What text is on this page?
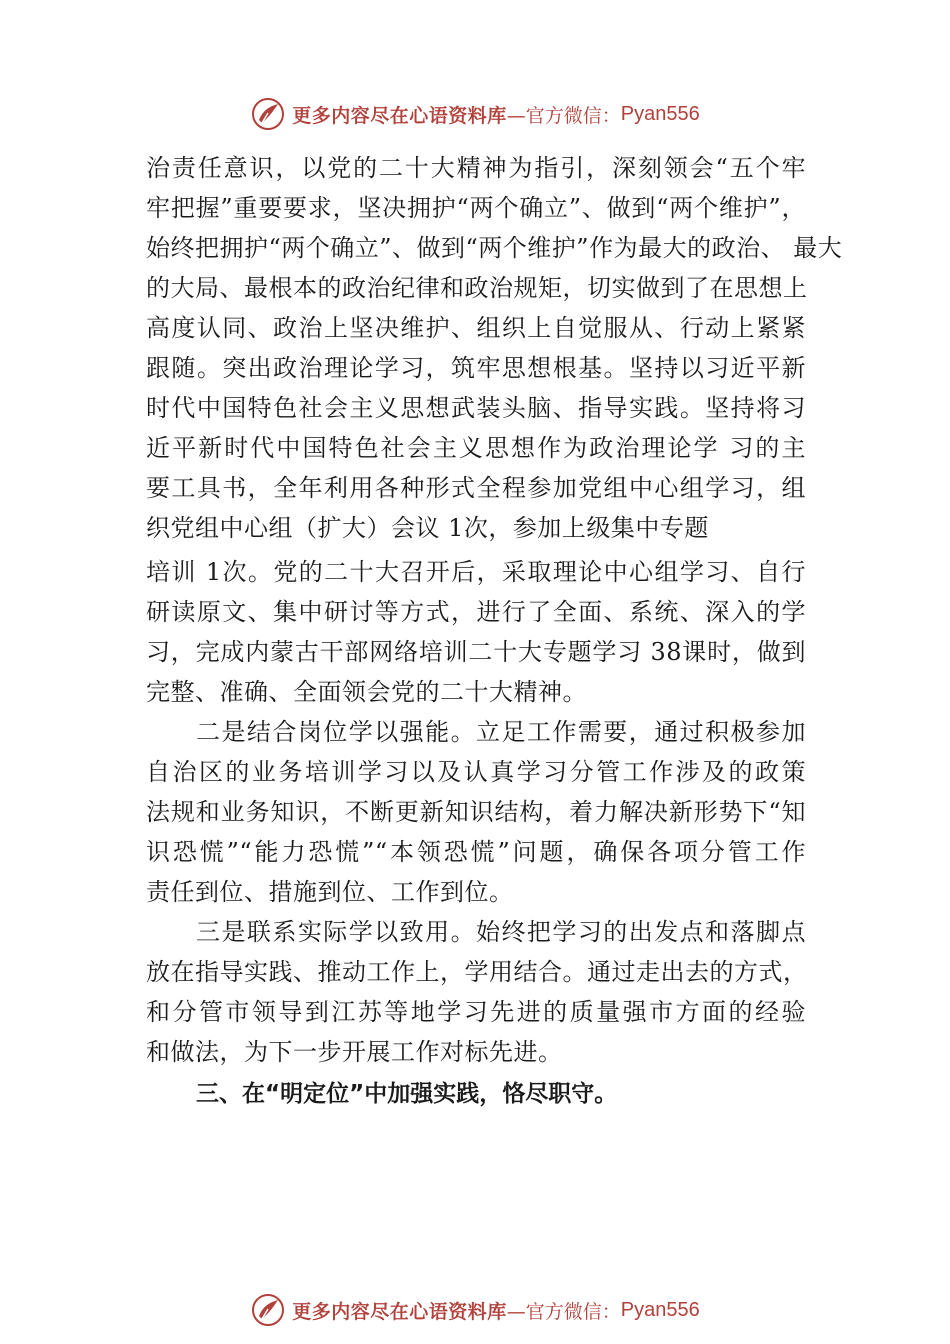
更多内容尽在心语资料库 —官方微信： Pyan556
治责任意识，以党的二十大精神为指引，深刻领会“五个牢
牢把握”重要要求，坚决拥护“两个确立”、做到“两个维护”，
始终把拥护“两个确立”、做到“两个维护”作为最大的政治、 最大
的大局、最根本的政治纪律和政治规矩，切实做到了在思想上
高度认同、政治上坚决维护、组织上自觉服从、行动上紧紧
跟随。突出政治理论学习，筑牢思想根基。坚持以习近平新
时代中国特色社会主义思想武装头脑、指导实践。坚持将习
近平新时代中国特色社会主义思想作为政治理论学 习的主
要工具书，全年利用各种形式全程参加党组中心组学习，组
织党组中心组（扩大）会议 1次，参加上级集中专题
培训 1次。党的二十大召开后，采取理论中心组学习、自行
研读原文、集中研讨等方式，进行了全面、系统、深入的学
习，完成内蒙古干部网络培训二十大专题学习 38课时，做到
完整、准确、全面领会党的二十大精神。
二是结合岗位学以强能。立足工作需要，通过积极参加
自治区的业务培训学习以及认真学习分管工作涉及的政策
法规和业务知识，不断更新知识结构，着力解决新形势下“知
识恐慌”“能力恐慌”“本领恐慌”问题，确保各项分管工作
责任到位、措施到位、工作到位。
三是联系实际学以致用。始终把学习的出发点和落脚点
放在指导实践、推动工作上，学用结合。通过走出去的方式，
和分管市领导到江苏等地学习先进的质量强市方面的经验
和做法，为下一步开展工作对标先进。
三、在“明定位”中加强实践，恪尽职守。
更多内容尽在心语资料库 —官方微信： Pyan556
